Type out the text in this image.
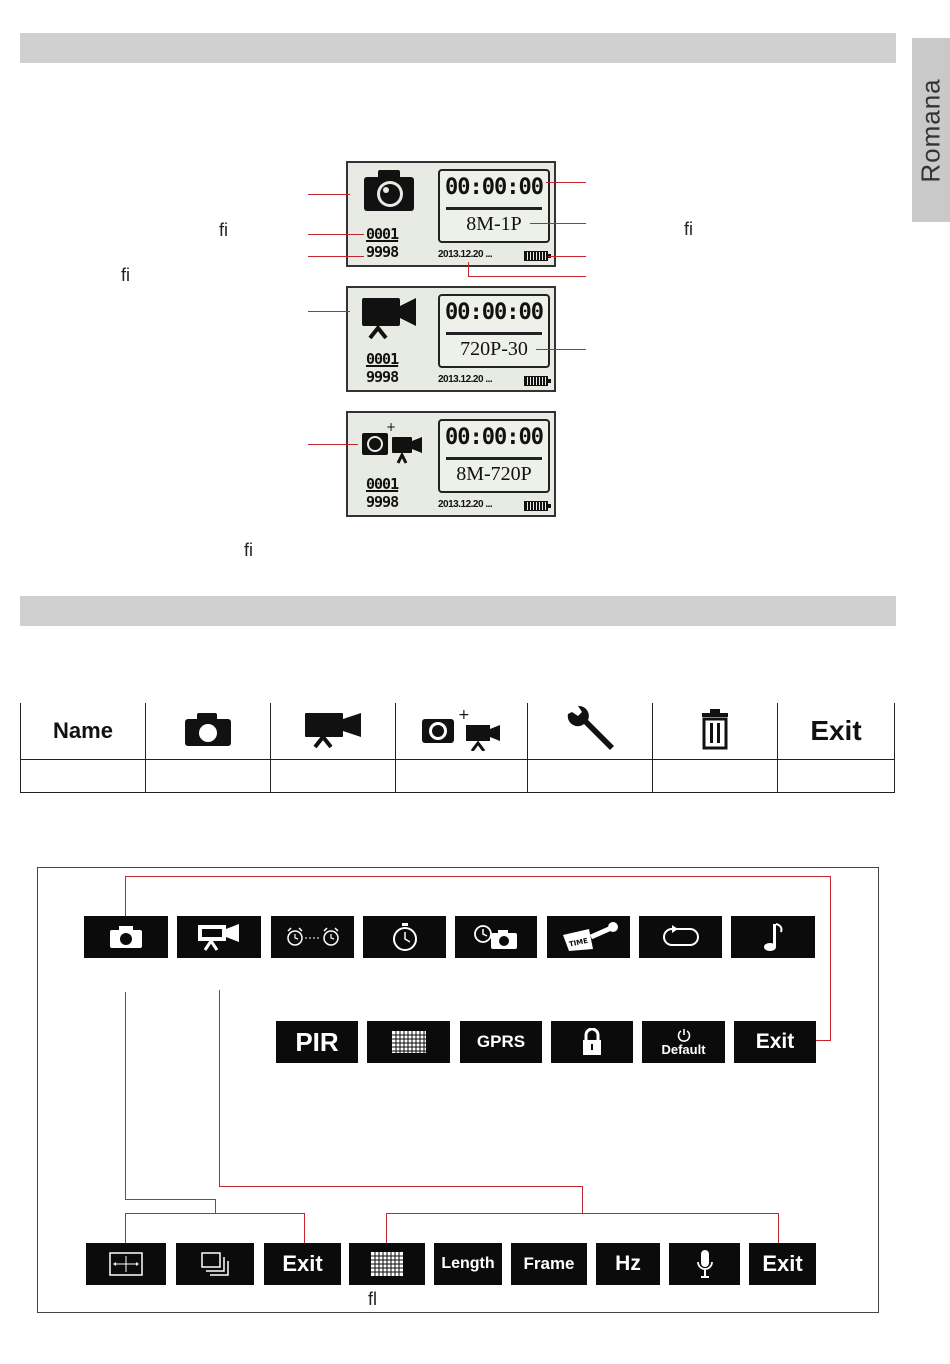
Romana
0001
9998
00:00:00
8M-1P
2013.12.20 ...
0001
9998
00:00:00
720P-30
2013.12.20 ...
+
0001
9998
00:00:00
8M-720P
2013.12.20 ...
fi
fi
fi
fi
fl
Name			+			Exit

TIME
PIR	GPRS	Default Exit
Exit	Length Frame Hz	Exit
